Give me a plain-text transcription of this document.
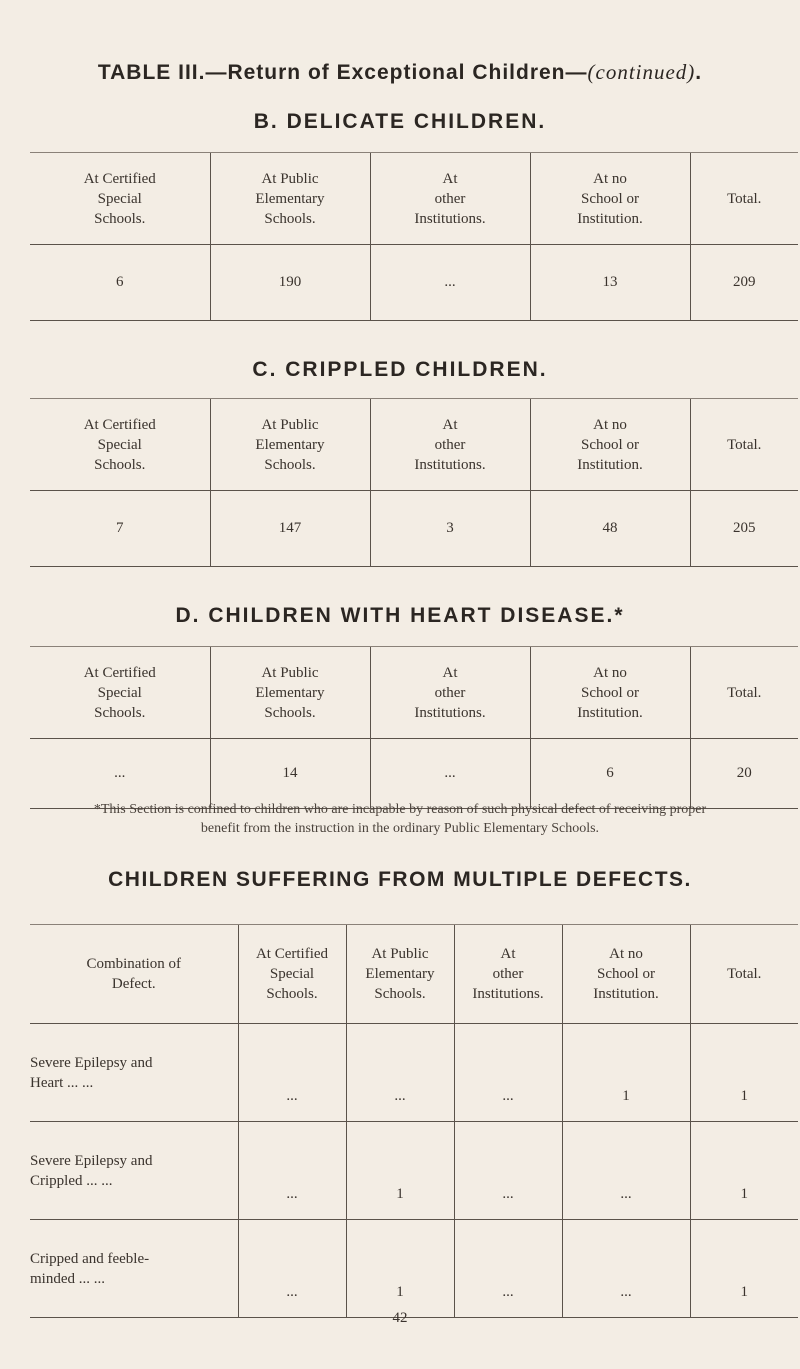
TABLE III.—Return of Exceptional Children—(continued).
B. DELICATE CHILDREN.
At Certified
Special
Schools.	At Public
Elementary
Schools.	At
other
Institutions.	At no
School or
Institution.	Total.
6	190	...	13	209
C. CRIPPLED CHILDREN.
At Certified
Special
Schools.	At Public
Elementary
Schools.	At
other
Institutions.	At no
School or
Institution.	Total.
7	147	3	48	205
D. CHILDREN WITH HEART DISEASE.*
At Certified
Special
Schools.	At Public
Elementary
Schools.	At
other
Institutions.	At no
School or
Institution.	Total.
...	14	...	6	20
*This Section is confined to children who are incapable by reason of such physical defect of receiving proper benefit from the instruction in the ordinary Public Elementary Schools.
CHILDREN SUFFERING FROM MULTIPLE DEFECTS.
Combination of
Defect.	At Certified
Special
Schools.	At Public
Elementary
Schools.	At
other
Institutions.	At no
School or
Institution.	Total.
Severe Epilepsy and
Heart ... ...	...	...	...	1	1
Severe Epilepsy and
Crippled ... ...	...	1	...	...	1
Cripped and feeble-
minded ... ...	...	1	...	...	1
42
